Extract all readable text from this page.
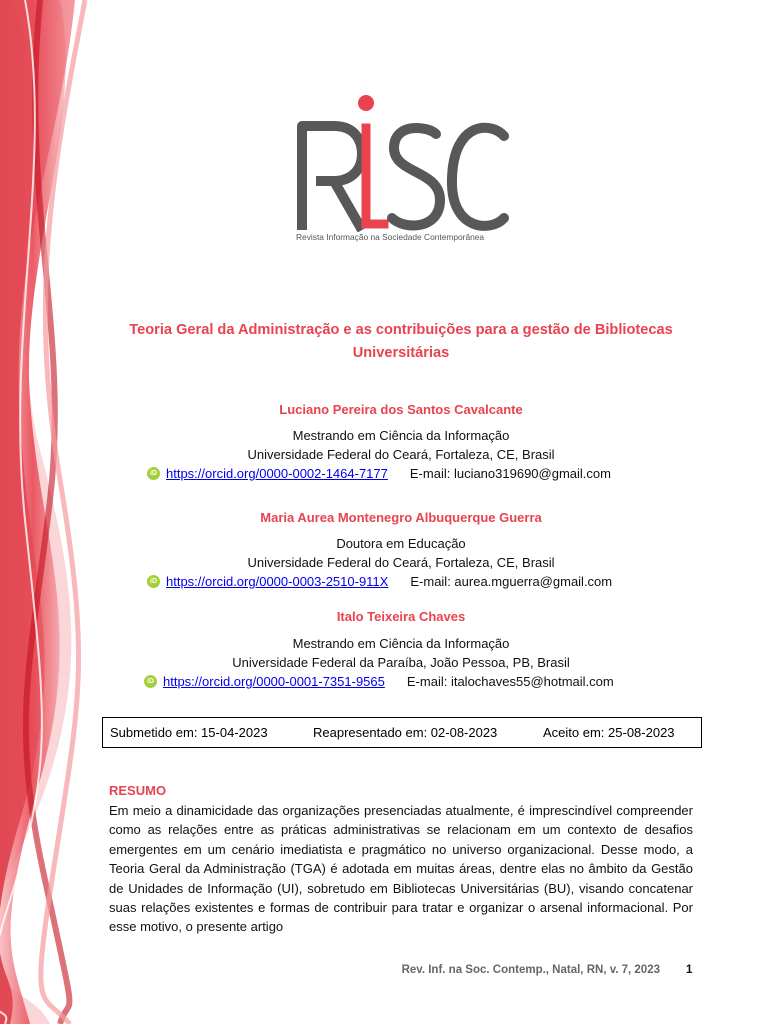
Revista Informação na Sociedade Contemporânea
Teoria Geral da Administração e as contribuições para a gestão de Bibliotecas
Universitárias
Luciano Pereira dos Santos Cavalcante
Mestrando em Ciência da Informação
Universidade Federal do Ceará, Fortaleza, CE, Brasil
iD https://orcid.org/0000-0002-1464-7177 E-mail: luciano319690@gmail.com
Maria Aurea Montenegro Albuquerque Guerra
Doutora em Educação
Universidade Federal do Ceará, Fortaleza, CE, Brasil
iD https://orcid.org/0000-0003-2510-911X E-mail: aurea.mguerra@gmail.com
Italo Teixeira Chaves
Mestrando em Ciência da Informação
Universidade Federal da Paraíba, João Pessoa, PB, Brasil
iD https://orcid.org/0000-0001-7351-9565 E-mail: italochaves55@hotmail.com
Submetido em: 15-04-2023	Reapresentado em: 02-08-2023	Aceito em: 25-08-2023
RESUMO
Em meio a dinamicidade das organizações presenciadas atualmente, é imprescindível compreender como as relações entre as práticas administrativas se relacionam em um contexto de desafios emergentes em um cenário imediatista e pragmático no universo organizacional. Desse modo, a Teoria Geral da Administração (TGA) é adotada em muitas áreas, dentre elas no âmbito da Gestão de Unidades de Informação (UI), sobretudo em Bibliotecas Universitárias (BU), visando concatenar suas relações existentes e formas de contribuir para tratar e organizar o arsenal informacional. Por esse motivo, o presente artigo
Rev. Inf. na Soc. Contemp., Natal, RN, v. 7, 2023 1
